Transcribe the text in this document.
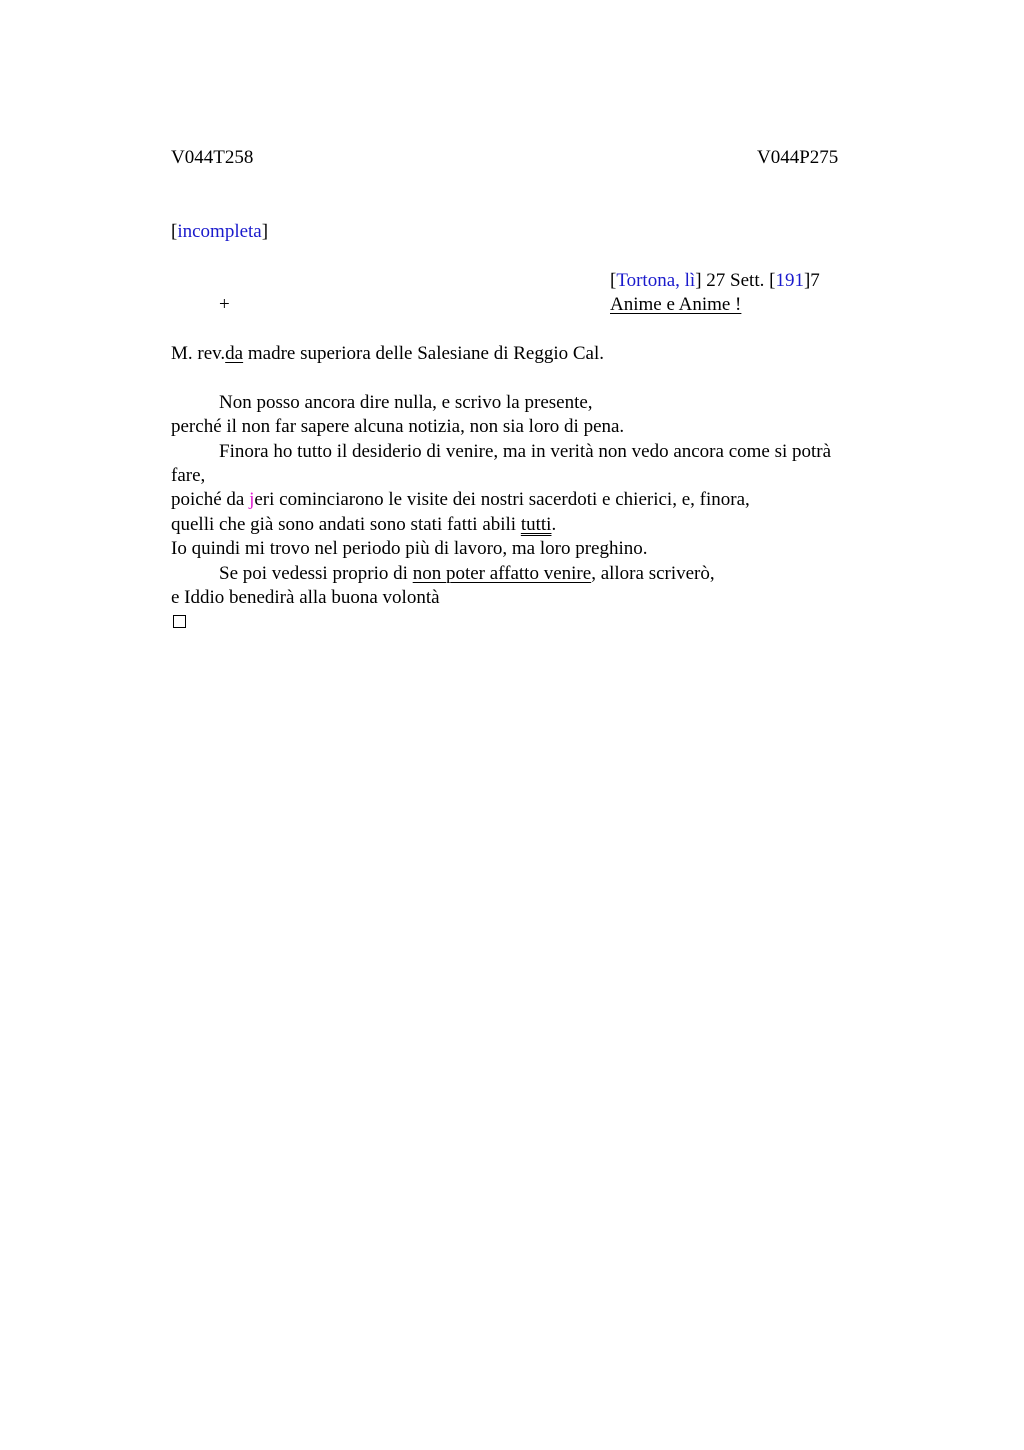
V044T258	V044P275
[incompleta]
[Tortona, lì] 27 Sett. [191]7
+	Anime e Anime !
M. rev.da madre superiora delle Salesiane di Reggio Cal.
Non posso ancora dire nulla, e scrivo la presente,
perché il non far sapere alcuna notizia, non sia loro di pena.
Finora ho tutto il desiderio di venire, ma in verità non vedo ancora come si potrà
fare,
poiché da jeri cominciarono le visite dei nostri sacerdoti e chierici, e, finora,
quelli che già sono andati sono stati fatti abili tutti.
Io quindi mi trovo nel periodo più di lavoro, ma loro preghino.
Se poi vedessi proprio di non poter affatto venire, allora scriverò,
e Iddio benedirà alla buona volontà
